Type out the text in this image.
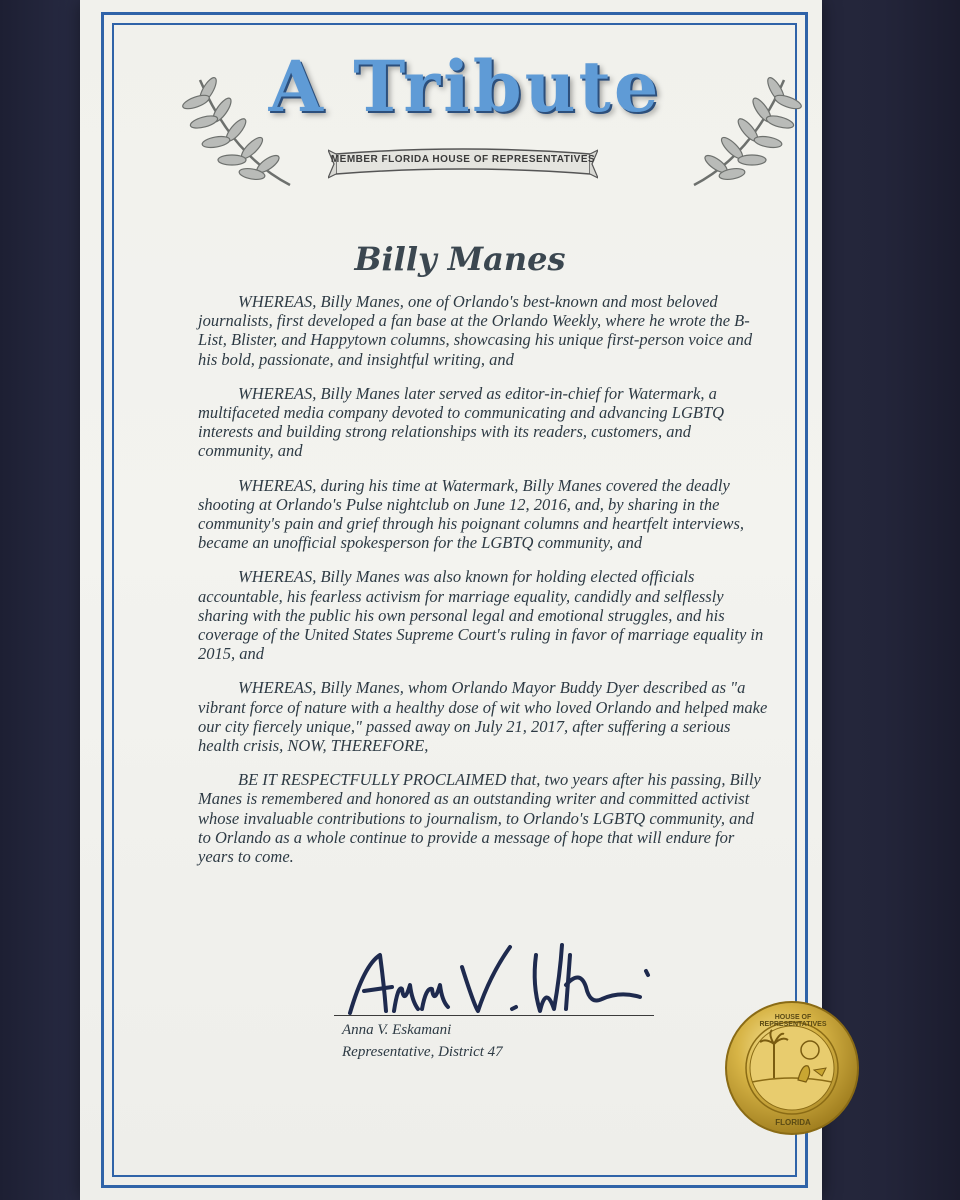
A Tribute
MEMBER FLORIDA HOUSE OF REPRESENTATIVES
Billy Manes

WHEREAS, Billy Manes, one of Orlando's best-known and most beloved journalists, first developed a fan base at the Orlando Weekly, where he wrote the B-List, Blister, and Happytown columns, showcasing his unique first-person voice and his bold, passionate, and insightful writing, and

WHEREAS, Billy Manes later served as editor-in-chief for Watermark, a multifaceted media company devoted to communicating and advancing LGBTQ interests and building strong relationships with its readers, customers, and community, and

WHEREAS, during his time at Watermark, Billy Manes covered the deadly shooting at Orlando's Pulse nightclub on June 12, 2016, and, by sharing in the community's pain and grief through his poignant columns and heartfelt interviews, became an unofficial spokesperson for the LGBTQ community, and

WHEREAS, Billy Manes was also known for holding elected officials accountable, his fearless activism for marriage equality, candidly and selflessly sharing with the public his own personal legal and emotional struggles, and his coverage of the United States Supreme Court's ruling in favor of marriage equality in 2015, and

WHEREAS, Billy Manes, whom Orlando Mayor Buddy Dyer described as "a vibrant force of nature with a healthy dose of wit who loved Orlando and helped make our city fiercely unique," passed away on July 21, 2017, after suffering a serious health crisis, NOW, THEREFORE,

BE IT RESPECTFULLY PROCLAIMED that, two years after his passing, Billy Manes is remembered and honored as an outstanding writer and committed activist whose invaluable contributions to journalism, to Orlando's LGBTQ community, and to Orlando as a whole continue to provide a message of hope that will endure for years to come.

Anna V. Eskamani
Representative, District 47
HOUSE OF REPRESENTATIVES
FLORIDA
